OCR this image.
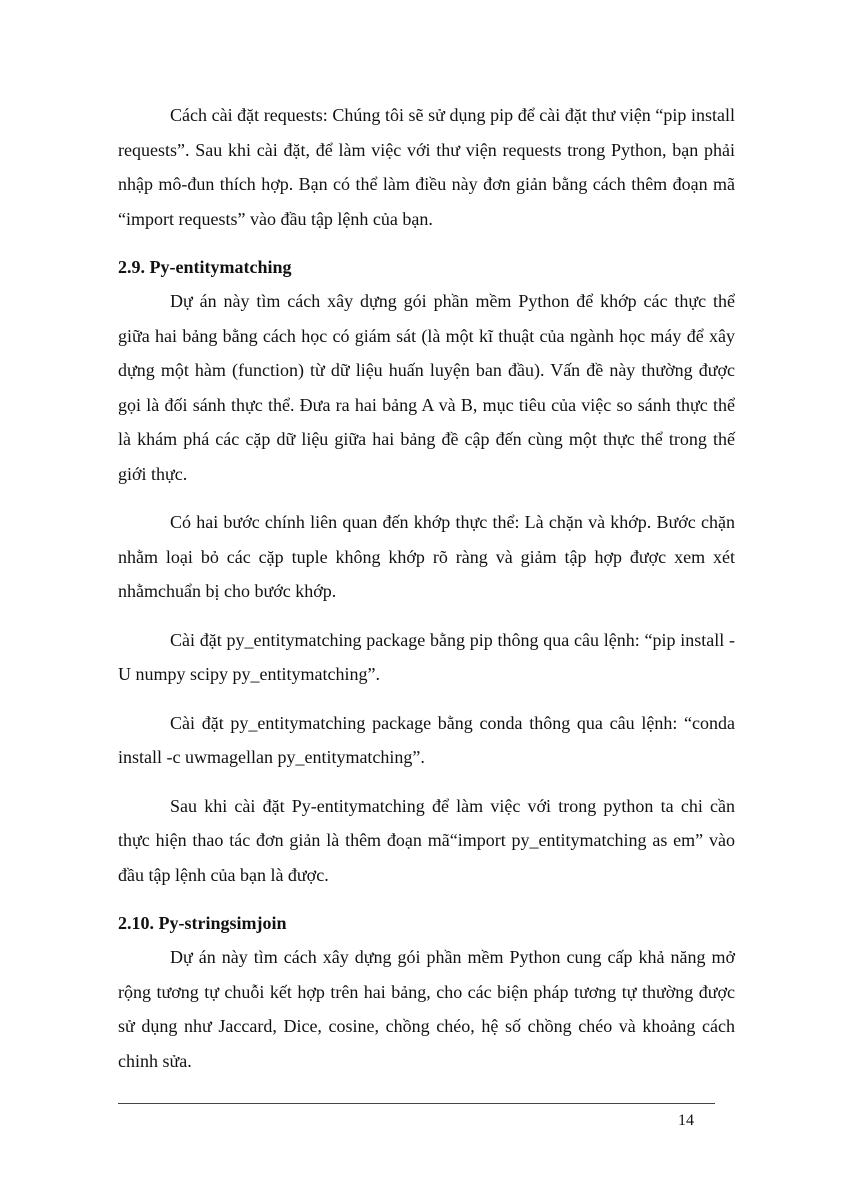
Cách cài đặt requests: Chúng tôi sẽ sử dụng pip để cài đặt thư viện “pip install requests”. Sau khi cài đặt, để làm việc với thư viện requests trong Python, bạn phải nhập mô-đun thích hợp. Bạn có thể làm điều này đơn giản bằng cách thêm đoạn mã “import requests” vào đầu tập lệnh của bạn.

2.9. Py-entitymatching

Dự án này tìm cách xây dựng gói phần mềm Python để khớp các thực thể giữa hai bảng bằng cách học có giám sát (là một kĩ thuật của ngành học máy để xây dựng một hàm (function) từ dữ liệu huấn luyện ban đầu). Vấn đề này thường được gọi là đối sánh thực thể. Đưa ra hai bảng A và B, mục tiêu của việc so sánh thực thể là khám phá các cặp dữ liệu giữa hai bảng đề cập đến cùng một thực thể trong thế giới thực.

Có hai bước chính liên quan đến khớp thực thể: Là chặn và khớp. Bước chặn nhằm loại bỏ các cặp tuple không khớp rõ ràng và giảm tập hợp được xem xét nhằmchuẩn bị cho bước khớp.

Cài đặt py_entitymatching package bằng pip thông qua câu lệnh: “pip install -U numpy scipy py_entitymatching”.

Cài đặt py_entitymatching package bằng conda thông qua câu lệnh: “conda install -c uwmagellan py_entitymatching”.

Sau khi cài đặt Py-entitymatching để làm việc với trong python ta chi cần thực hiện thao tác đơn giản là thêm đoạn mã“import py_entitymatching as em” vào đầu tập lệnh của bạn là được.

2.10. Py-stringsimjoin

Dự án này tìm cách xây dựng gói phần mềm Python cung cấp khả năng mở rộng tương tự chuỗi kết hợp trên hai bảng, cho các biện pháp tương tự thường được sử dụng như Jaccard, Dice, cosine, chồng chéo, hệ số chồng chéo và khoảng cách chinh sửa.

14
